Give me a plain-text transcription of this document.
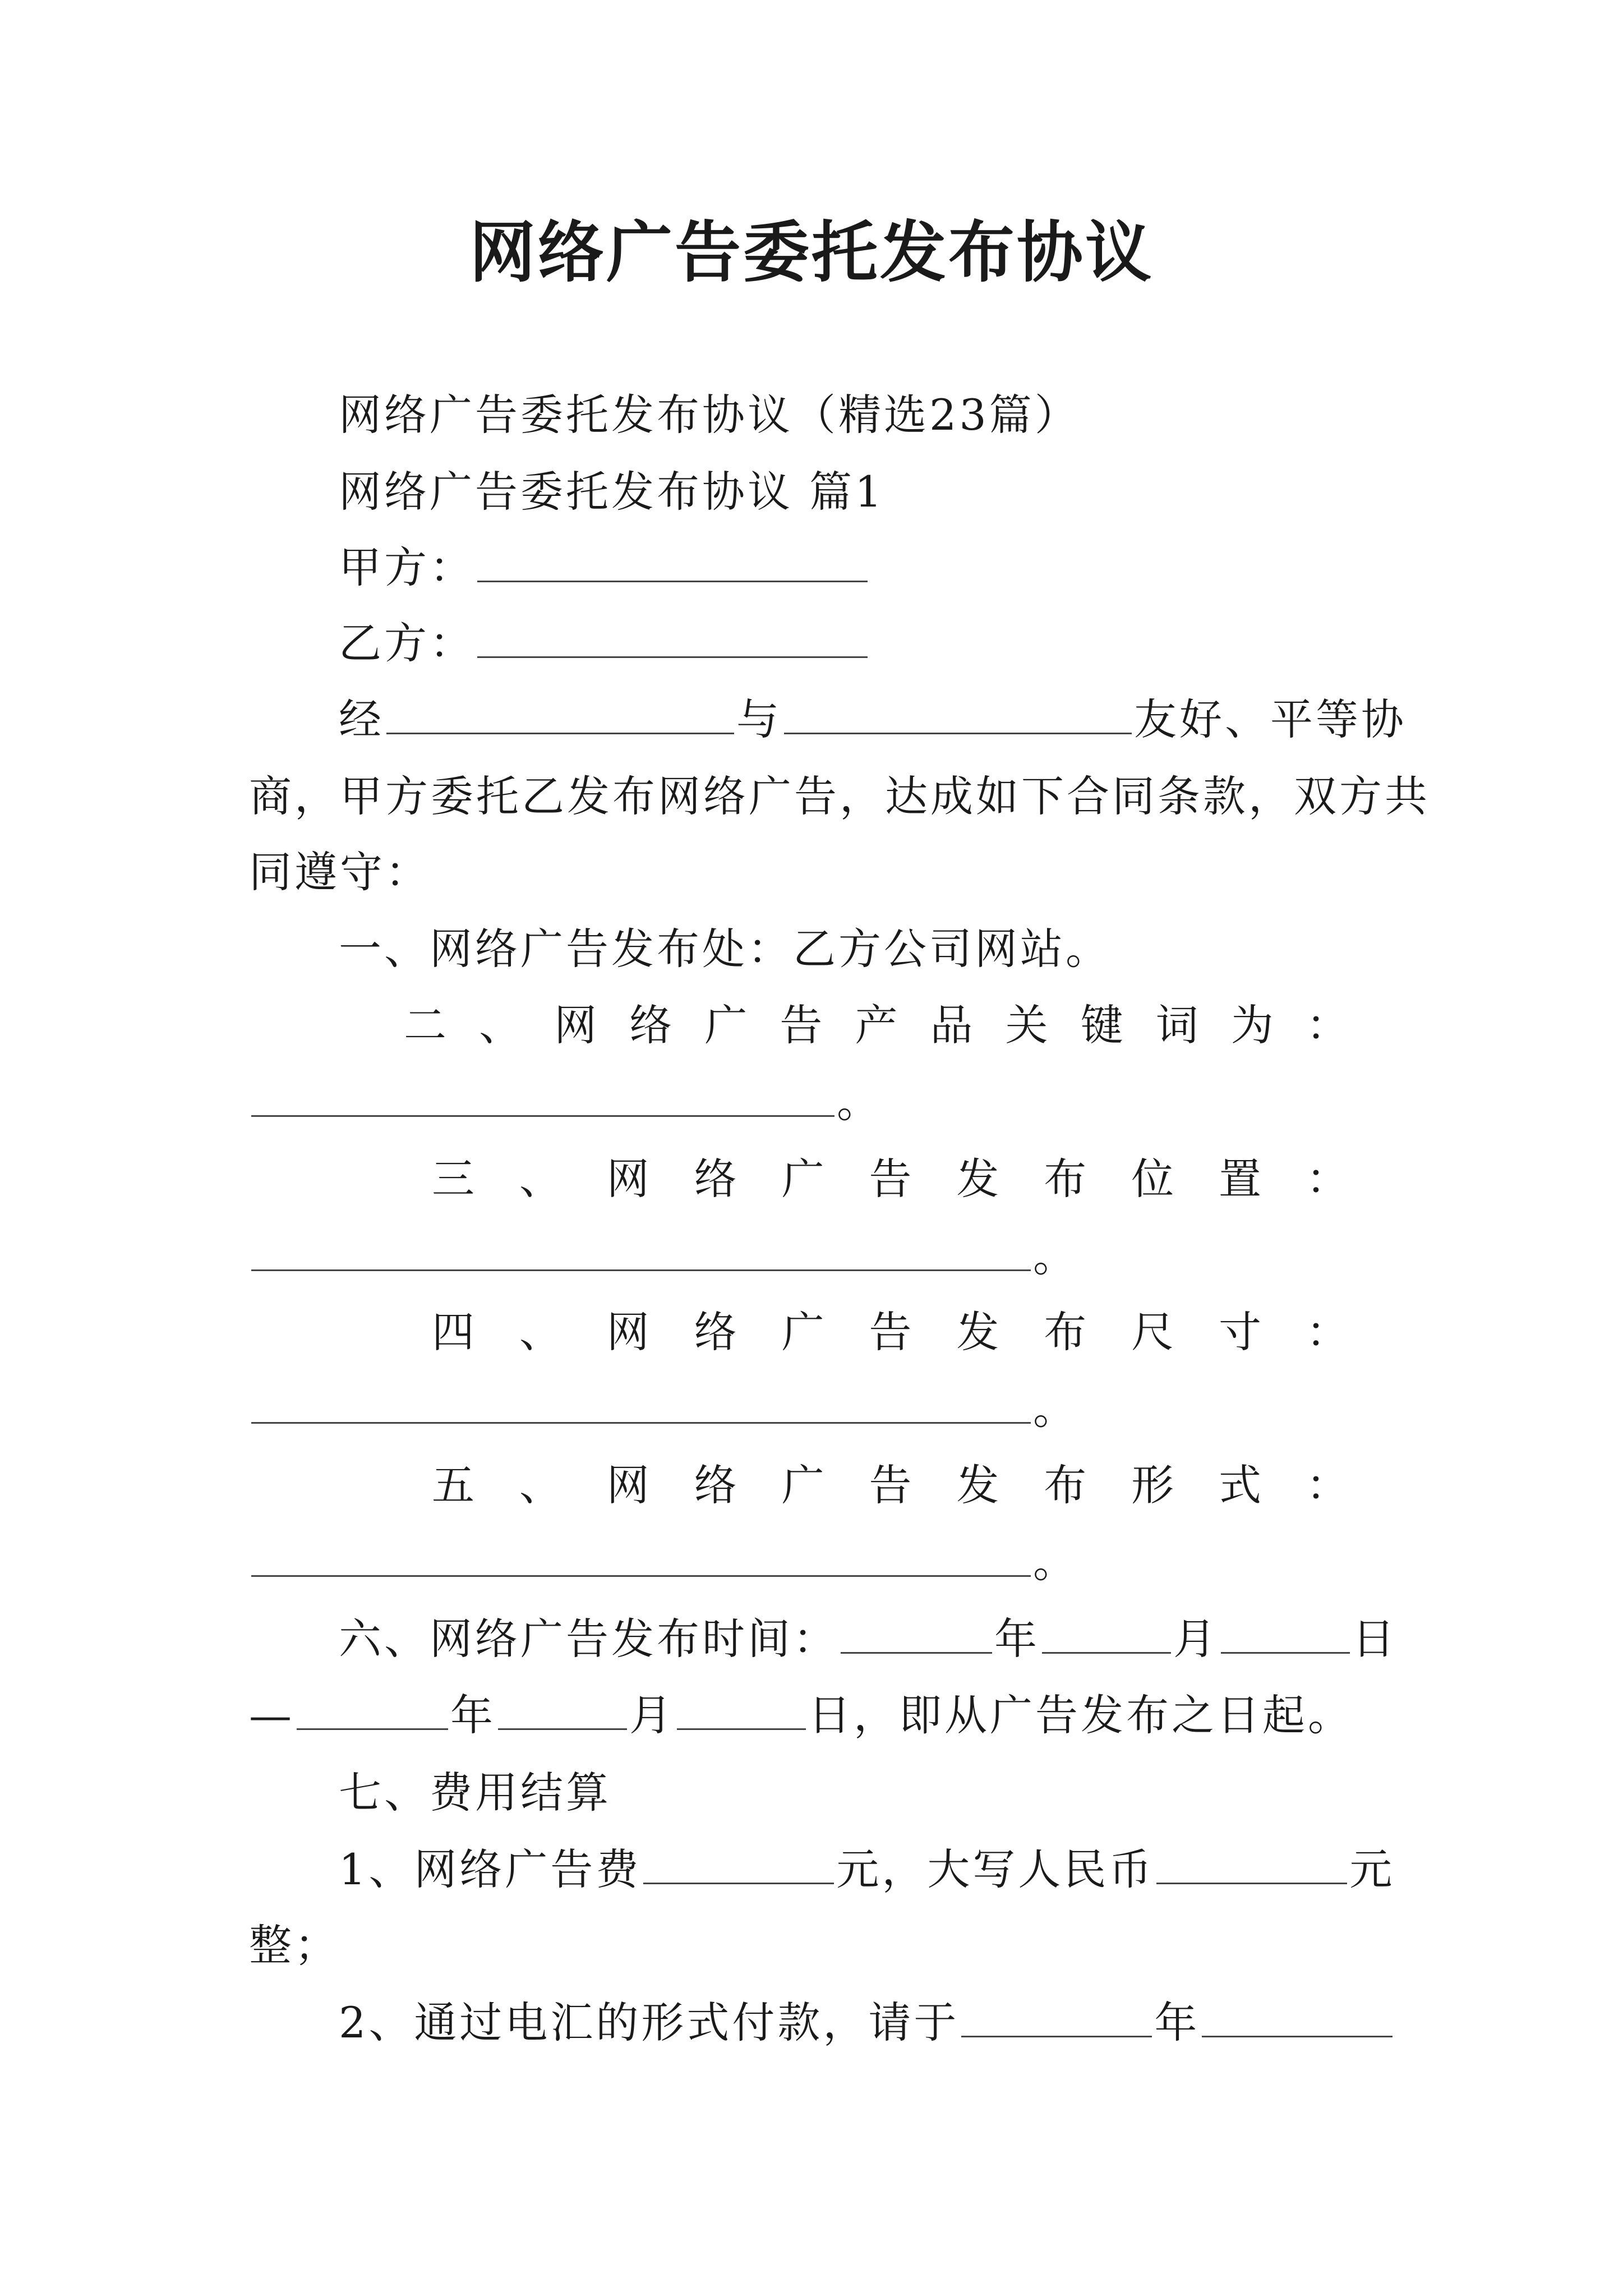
网络广告委托发布协议
网络广告委托发布协议（精选23篇）
网络广告委托发布协议 篇1
甲方：
乙方：
经	与	友好、平等协
商，甲方委托乙发布网络广告，达成如下合同条款，双方共
同遵守：
一、网络广告发布处：乙方公司网站。
二 、 网 络 广 告 产 品 关 键 词 为 ：
。
三 、 网 络 广 告 发 布 位 置 ：
。
四 、 网 络 广 告 发 布 尺 寸 ：
。
五 、 网 络 广 告 发 布 形 式 ：
。
六、网络广告发布时间：	年	月	日
—	年	月	日，即从广告发布之日起。
七、费用结算
1、网络广告费	元，大写人民币	元
整；
2、通过电汇的形式付款，请于	年
